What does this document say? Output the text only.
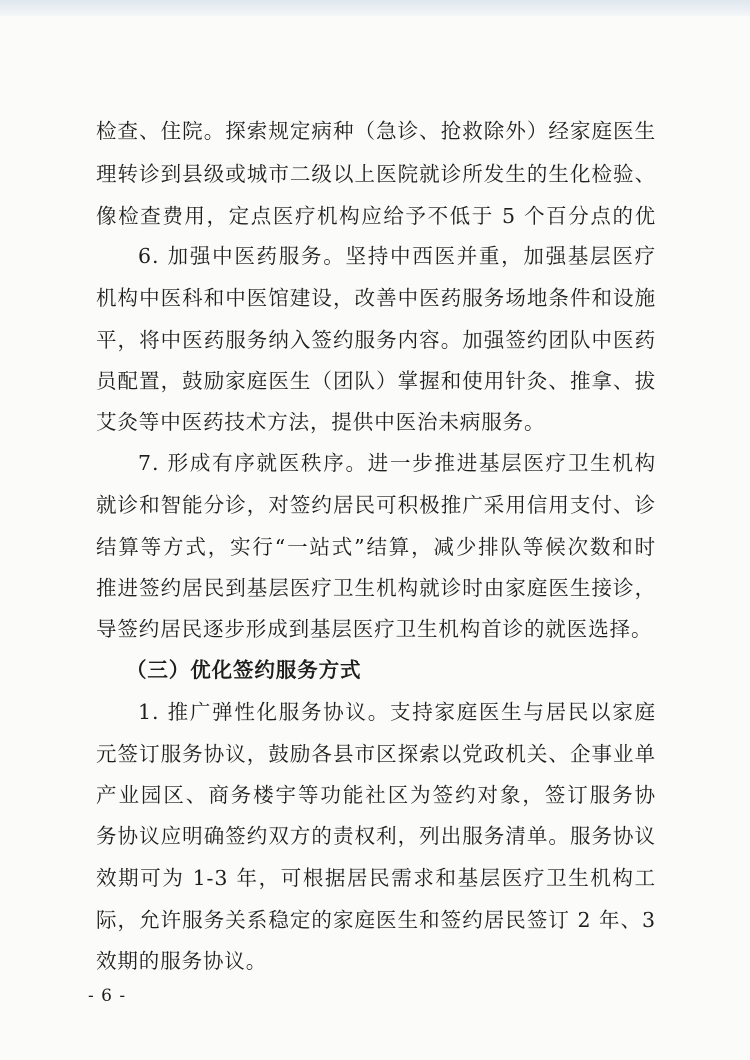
检查、住院。探索规定病种（急诊、抢救除外）经家庭医生
理转诊到县级或城市二级以上医院就诊所发生的生化检验、
像检查费用，定点医疗机构应给予不低于 5 个百分点的优
6. 加强中医药服务。坚持中西医并重，加强基层医疗
机构中医科和中医馆建设，改善中医药服务场地条件和设施
平，将中医药服务纳入签约服务内容。加强签约团队中医药
员配置，鼓励家庭医生（团队）掌握和使用针灸、推拿、拔
艾灸等中医药技术方法，提供中医治未病服务。
7. 形成有序就医秩序。进一步推进基层医疗卫生机构
就诊和智能分诊，对签约居民可积极推广采用信用支付、诊
结算等方式，实行“一站式”结算，减少排队等候次数和时
推进签约居民到基层医疗卫生机构就诊时由家庭医生接诊，
导签约居民逐步形成到基层医疗卫生机构首诊的就医选择。
（三）优化签约服务方式
1. 推广弹性化服务协议。支持家庭医生与居民以家庭
元签订服务协议，鼓励各县市区探索以党政机关、企事业单
产业园区、商务楼宇等功能社区为签约对象，签订服务协
务协议应明确签约双方的责权利，列出服务清单。服务协议
效期可为 1-3 年，可根据居民需求和基层医疗卫生机构工
际，允许服务关系稳定的家庭医生和签约居民签订 2 年、3
效期的服务协议。
- 6 -
